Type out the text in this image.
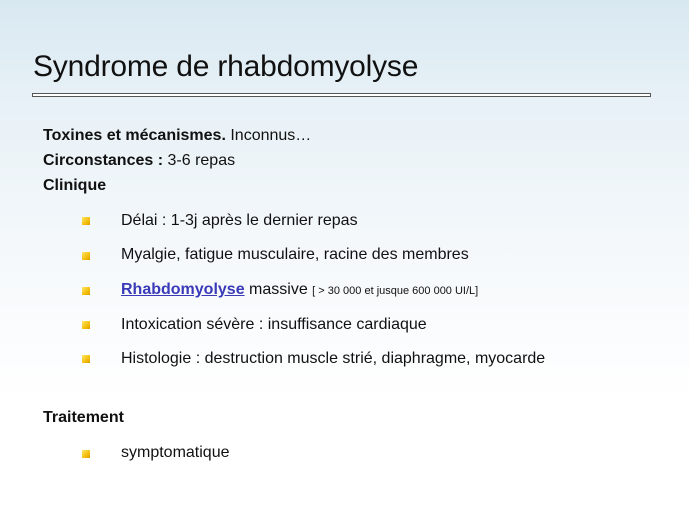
Syndrome de rhabdomyolyse
Toxines et mécanismes. Inconnus…
Circonstances : 3-6 repas
Clinique
Délai : 1-3j après le dernier repas
Myalgie, fatigue musculaire, racine des membres
Rhabdomyolyse massive [ > 30 000 et jusque 600 000 UI/L]
Intoxication sévère : insuffisance cardiaque
Histologie : destruction muscle strié, diaphragme, myocarde
Traitement
symptomatique
